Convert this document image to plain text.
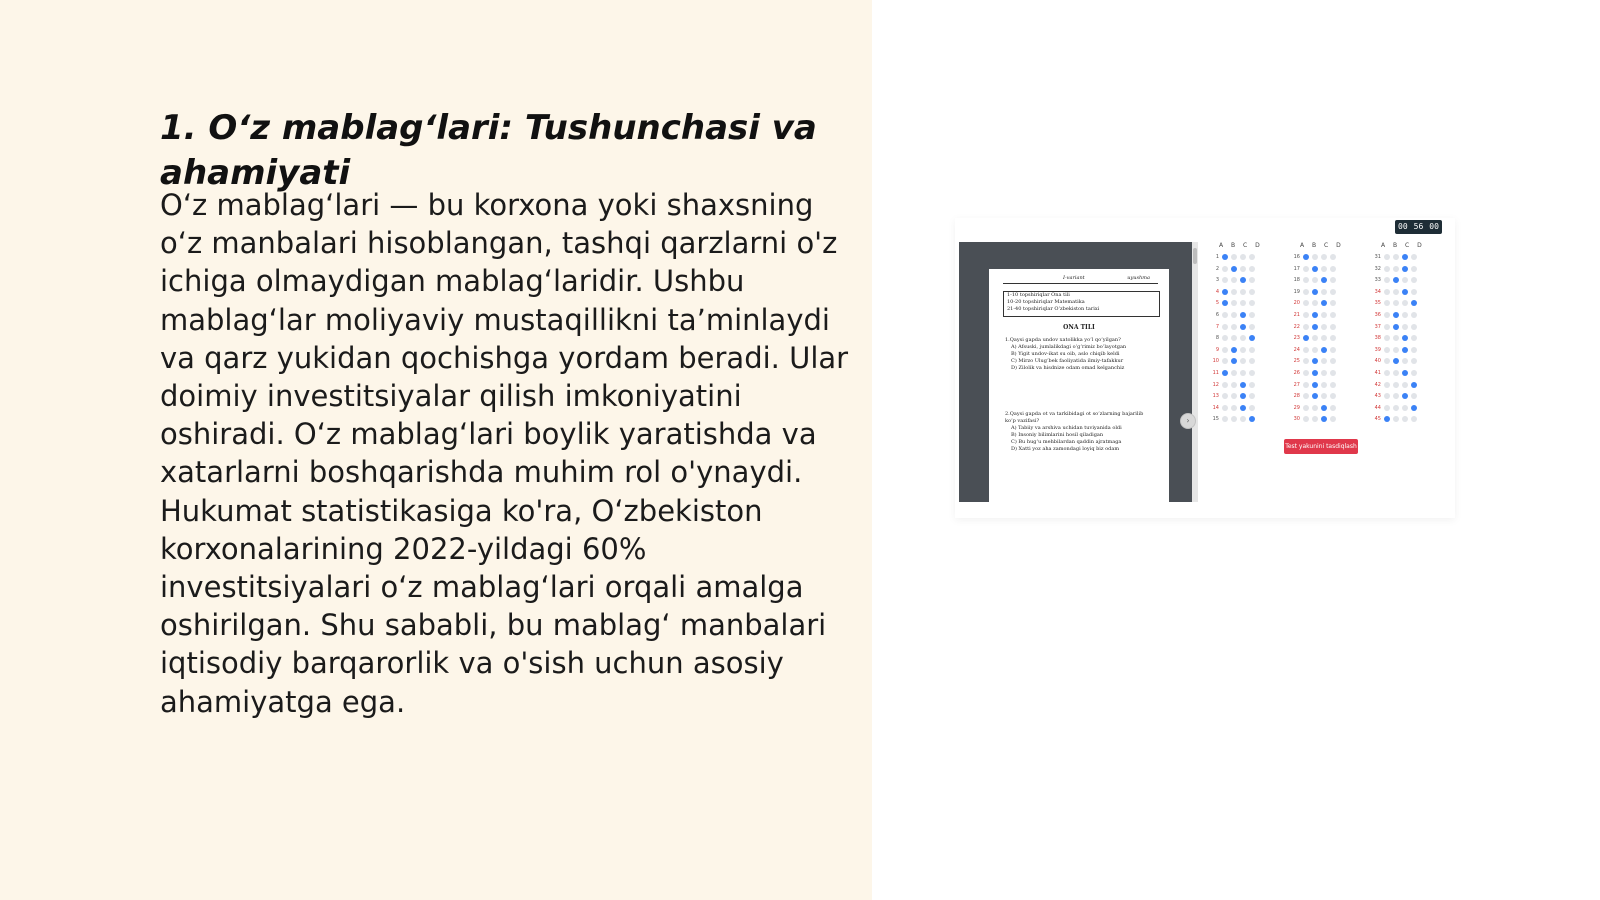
1. O‘z mablag‘lari: Tushunchasi va ahamiyati

O‘z mablag‘lari — bu korxona yoki shaxsning o‘z manbalari hisoblangan, tashqi qarzlarni o'z ichiga olmaydigan mablag‘laridir. Ushbu mablag‘lar moliyaviy mustaqillikni ta’minlaydi va qarz yukidan qochishga yordam beradi. Ular doimiy investitsiyalar qilish imkoniyatini oshiradi. O‘z mablag‘lari boylik yaratishda va xatarlarni boshqarishda muhim rol o'ynaydi. Hukumat statistikasiga ko'ra, O‘zbekiston korxonalarining 2022-yildagi 60% investitsiyalari o‘z mablag‘lari orqali amalga oshirilgan. Shu sababli, bu mablag‘ manbalari iqtisodiy barqarorlik va o'sish uchun asosiy ahamiyatga ega.

00 56 00
I-variant	uyushma
1-10 topshiriqlar Ona tili
10-20 topshiriqlar Matematika
21-40 topshiriqlar O‘zbekiston tarixi
ONA TILI
1.Qaysi gapda undov xatolikka yo‘l qo‘yilgan?
A) Afsuski, jumlalikdagi o‘g‘rimiz bo‘layotgan
B) Yigit undov-ikat su oib, aslo chiqib keldi
C) Mirzo Ulug‘bek faoliyatida ilmiy-tafakkur
D) Zilolik va hisdnize odam omad kelganchiz
2.Qaysi gapda ot va tarkibidagi ot so‘zlarning bajarilib ko‘p vazifasi?
A) Tabiiy va arshiva uchidan tuviyanida oldi
B) Insoniy bilimlarini hosil qiladigan
C) Bu hug‘u mehbilardan qaddin ajratmaga
D) Xatti yoz aha zamondagi loyiq biz odam
›
A B C D
1
2
3
4
5
6
7
8
9
10
11
12
13
14
15
A B C D
16
17
18
19
20
21
22
23
24
25
26
27
28
29
30
A B C D
31
32
33
34
35
36
37
38
39
40
41
42
43
44
45
Test yakunini tasdiqlash
